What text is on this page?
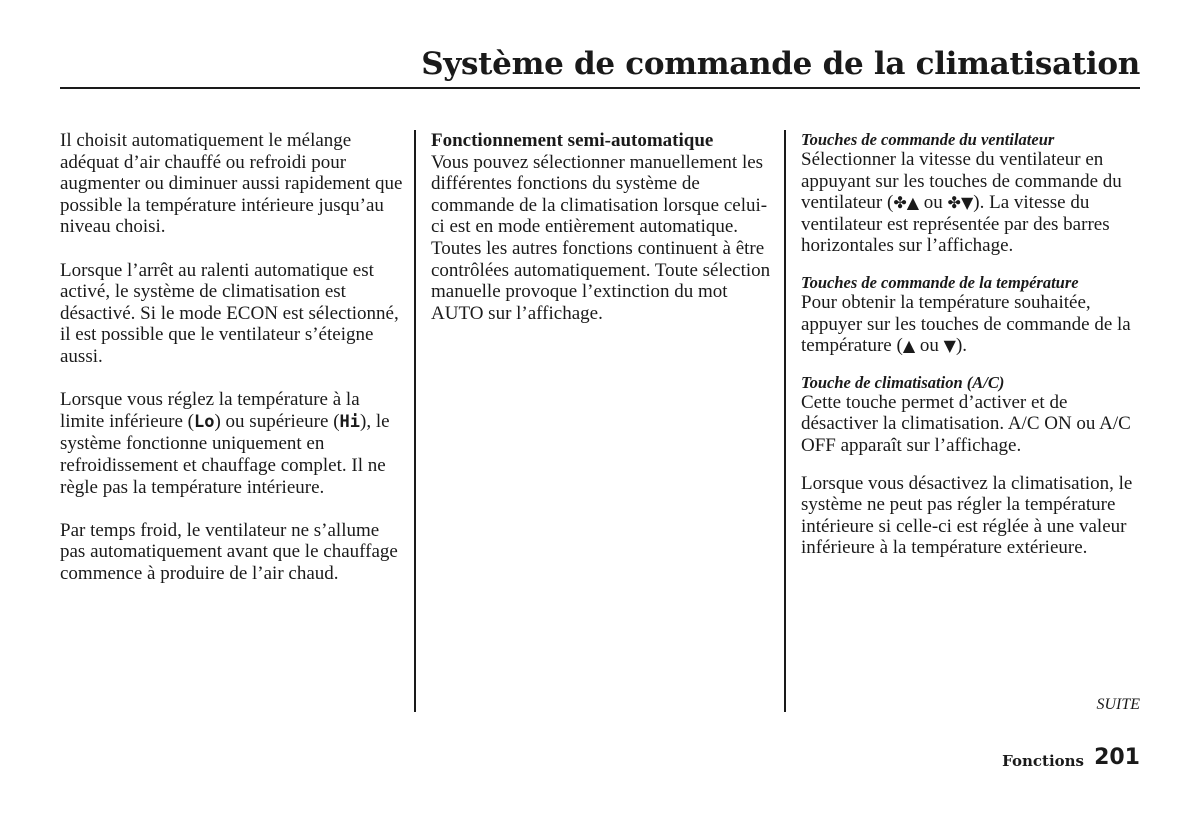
Système de commande de la climatisation

Il choisit automatiquement le mélange adéquat d’air chauffé ou refroidi pour augmenter ou diminuer aussi rapidement que possible la température intérieure jusqu’au niveau choisi.

Lorsque l’arrêt au ralenti automatique est activé, le système de climatisation est désactivé. Si le mode ECON est sélectionné, il est possible que le ventilateur s’éteigne aussi.

Lorsque vous réglez la température à la limite inférieure (Lo) ou supérieure (Hi), le système fonctionne uniquement en refroidissement et chauffage complet. Il ne règle pas la température intérieure.

Par temps froid, le ventilateur ne s’allume pas automatiquement avant que le chauffage commence à produire de l’air chaud.

Fonctionnement semi-automatique

Vous pouvez sélectionner manuellement les différentes fonctions du système de commande de la climatisation lorsque celui-ci est en mode entièrement automatique. Toutes les autres fonctions continuent à être contrôlées automatiquement. Toute sélection manuelle provoque l’extinction du mot AUTO sur l’affichage.

Touches de commande du ventilateur
Sélectionner la vitesse du ventilateur en appuyant sur les touches de commande du ventilateur (✤▲ ou ✤▼). La vitesse du ventilateur est représentée par des barres horizontales sur l’affichage.
Touches de commande de la température
Pour obtenir la température souhaitée, appuyer sur les touches de commande de la température (▲ ou ▼).
Touche de climatisation (A/C)
Cette touche permet d’activer et de désactiver la climatisation. A/C ON ou A/C OFF apparaît sur l’affichage.

Lorsque vous désactivez la climatisation, le système ne peut pas régler la température intérieure si celle-ci est réglée à une valeur inférieure à la température extérieure.

SUITE
Fonctions 201
